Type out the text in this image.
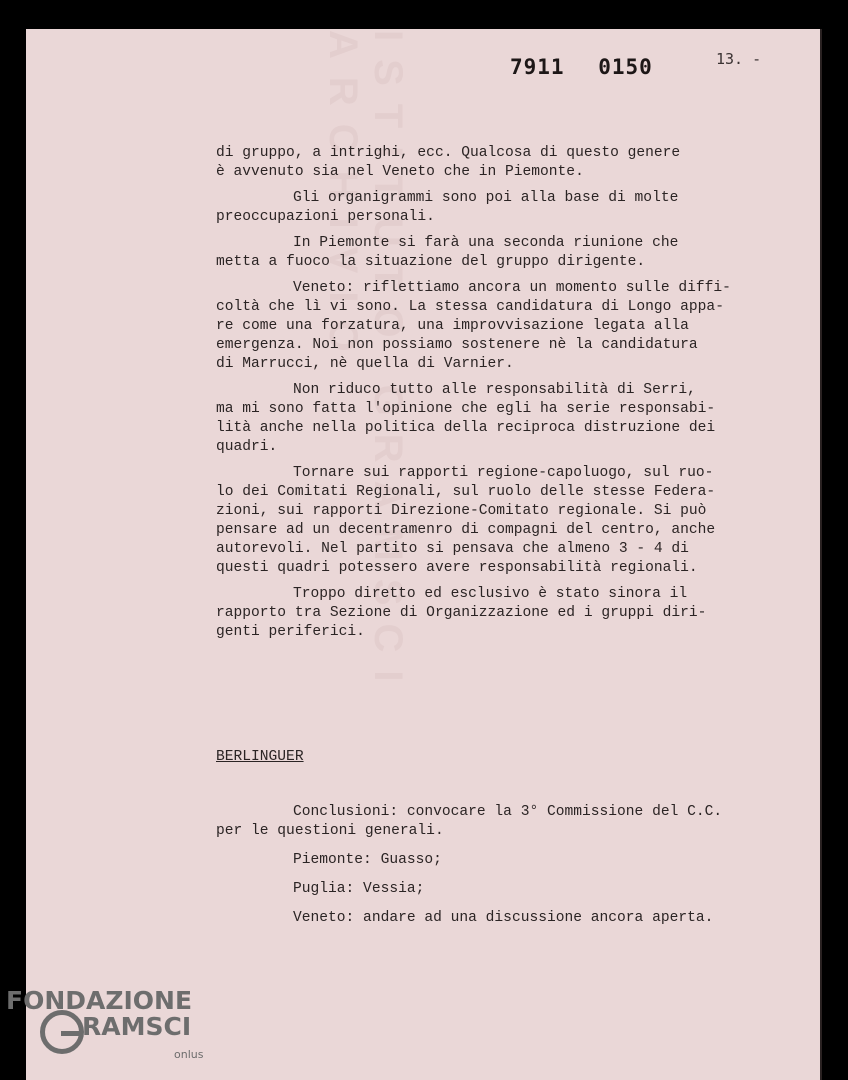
ISTITUTO GRAMSCI ARCHIVIO	7911 0150	13. -
di gruppo, a intrighi, ecc. Qualcosa di questo genere
è avvenuto sia nel Veneto che in Piemonte.
Gli organigrammi sono poi alla base di molte
preoccupazioni personali.
In Piemonte si farà una seconda riunione che
metta a fuoco la situazione del gruppo dirigente.
Veneto: riflettiamo ancora un momento sulle diffi-
coltà che lì vi sono. La stessa candidatura di Longo appa-
re come una forzatura, una improvvisazione legata alla
emergenza. Noi non possiamo sostenere nè la candidatura
di Marrucci, nè quella di Varnier.
Non riduco tutto alle responsabilità di Serri,
ma mi sono fatta l'opinione che egli ha serie responsabi-
lità anche nella politica della reciproca distruzione dei
quadri.
Tornare sui rapporti regione-capoluogo, sul ruo-
lo dei Comitati Regionali, sul ruolo delle stesse Federa-
zioni, sui rapporti Direzione-Comitato regionale. Si può
pensare ad un decentramenro di compagni del centro, anche
autorevoli. Nel partito si pensava che almeno 3 - 4 di
questi quadri potessero avere responsabilità regionali.
Troppo diretto ed esclusivo è stato sinora il
rapporto tra Sezione di Organizzazione ed i gruppi diri-
genti periferici.
BERLINGUER
Conclusioni: convocare la 3° Commissione del C.C.
per le questioni generali.
Piemonte: Guasso;
Puglia: Vessia;
Veneto: andare ad una discussione ancora aperta.
FONDAZIONE
RAMSCI
onlus
